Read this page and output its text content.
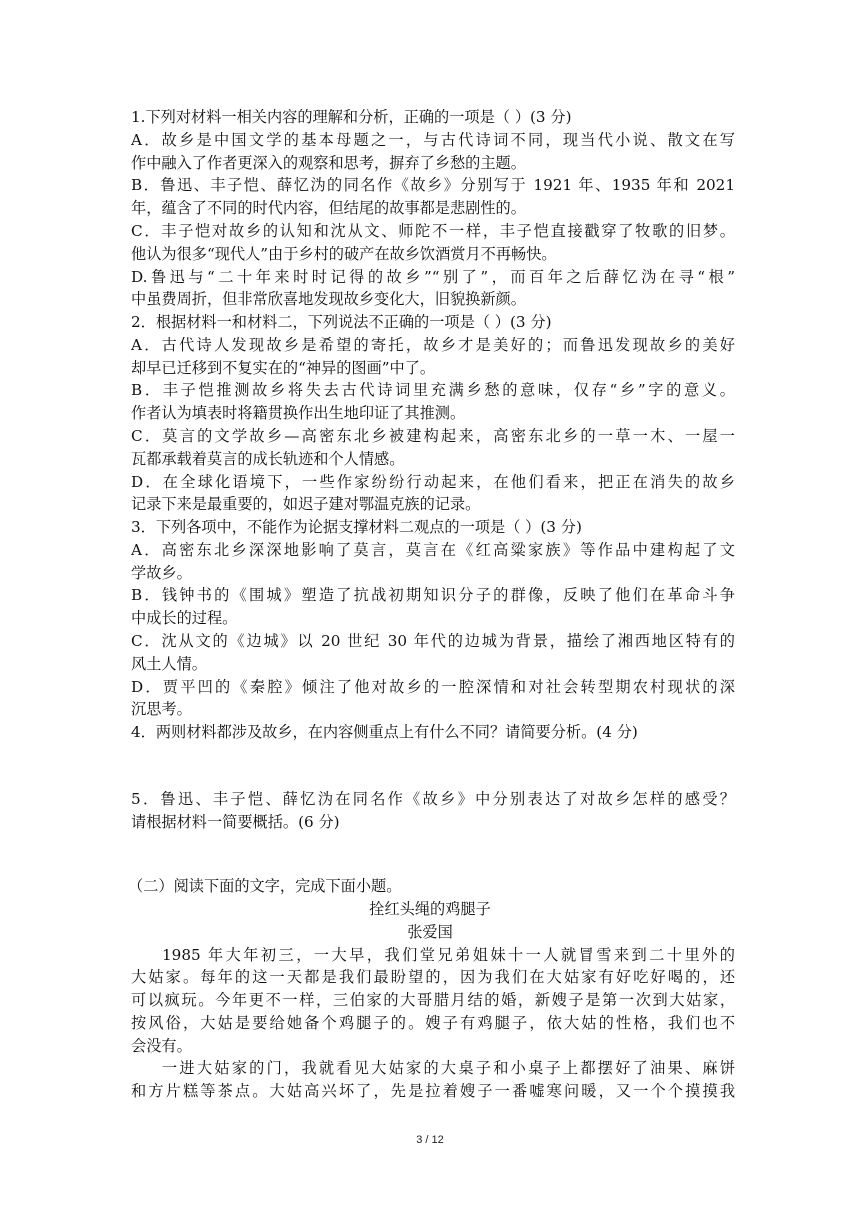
1.下列对材料一相关内容的理解和分析，正确的一项是（ ）(3 分)
A．故乡是中国文学的基本母题之一，与古代诗词不同，现当代小说、散文在写
作中融入了作者更深入的观察和思考，摒弃了乡愁的主题。
B．鲁迅、丰子恺、薛忆沩的同名作《故乡》分别写于 1921 年、1935 年和 2021
年，蕴含了不同的时代内容，但结尾的故事都是悲剧性的。
C．丰子恺对故乡的认知和沈从文、师陀不一样，丰子恺直接戳穿了牧歌的旧梦。
他认为很多“现代人”由于乡村的破产在故乡饮酒赏月不再畅快。
D.鲁迅与“二十年来时时记得的故乡”“别了”，而百年之后薛忆沩在寻“根”
中虽费周折，但非常欣喜地发现故乡变化大，旧貌换新颜。
2．根据材料一和材料二，下列说法不正确的一项是（ ）(3 分)
A．古代诗人发现故乡是希望的寄托，故乡才是美好的；而鲁迅发现故乡的美好
却早已迁移到不复实在的“神异的图画”中了。
B．丰子恺推测故乡将失去古代诗词里充满乡愁的意味，仅存“乡”字的意义。
作者认为填表时将籍贯换作出生地印证了其推测。
C．莫言的文学故乡—高密东北乡被建构起来，高密东北乡的一草一木、一屋一
瓦都承载着莫言的成长轨迹和个人情感。
D．在全球化语境下，一些作家纷纷行动起来，在他们看来，把正在消失的故乡
记录下来是最重要的，如迟子建对鄂温克族的记录。
3．下列各项中，不能作为论据支撑材料二观点的一项是（ ）(3 分)
A．高密东北乡深深地影响了莫言，莫言在《红高粱家族》等作品中建构起了文
学故乡。
B．钱钟书的《围城》塑造了抗战初期知识分子的群像，反映了他们在革命斗争
中成长的过程。
C．沈从文的《边城》以 20 世纪 30 年代的边城为背景，描绘了湘西地区特有的
风土人情。
D．贾平凹的《秦腔》倾注了他对故乡的一腔深情和对社会转型期农村现状的深
沉思考。
4．两则材料都涉及故乡，在内容侧重点上有什么不同？请简要分析。(4 分)
5．鲁迅、丰子恺、薛忆沩在同名作《故乡》中分别表达了对故乡怎样的感受？
请根据材料一简要概括。(6 分)
（二）阅读下面的文字，完成下面小题。
拴红头绳的鸡腿子
张爱国
1985 年大年初三，一大早，我们堂兄弟姐妹十一人就冒雪来到二十里外的
大姑家。每年的这一天都是我们最盼望的，因为我们在大姑家有好吃好喝的，还
可以疯玩。今年更不一样，三伯家的大哥腊月结的婚，新嫂子是第一次到大姑家，
按风俗，大姑是要给她备个鸡腿子的。嫂子有鸡腿子，依大姑的性格，我们也不
会没有。
一进大姑家的门，我就看见大姑家的大桌子和小桌子上都摆好了油果、麻饼
和方片糕等茶点。大姑高兴坏了，先是拉着嫂子一番嘘寒问暖，又一个个摸摸我
3 / 12
